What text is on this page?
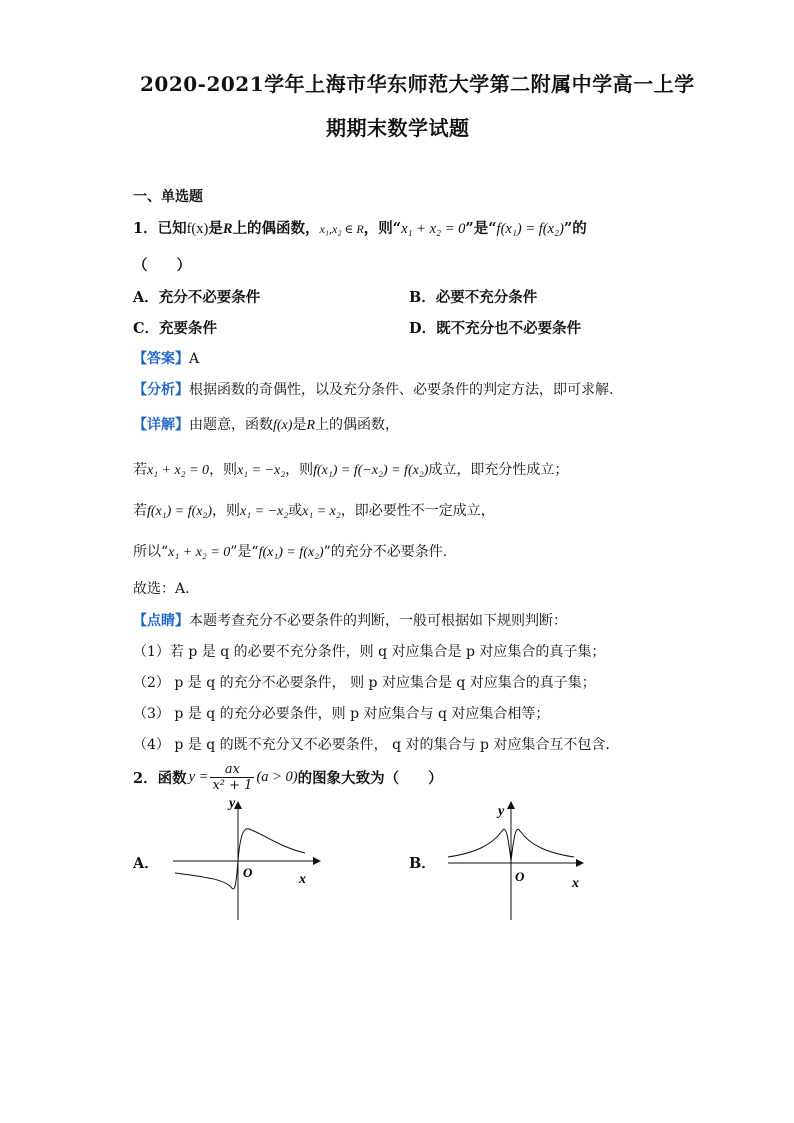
2020-2021学年上海市华东师范大学第二附属中学高一上学
期期末数学试题
一、单选题
1．已知f(x)是R上的偶函数，x₁,x₂ ∈ R，则“x₁ + x₂ = 0”是“f(x₁) = f(x₂)”的
（　　）
A．充分不必要条件	B．必要不充分条件
C．充要条件	D．既不充分也不必要条件
【答案】A
【分析】根据函数的奇偶性，以及充分条件、必要条件的判定方法，即可求解.
【详解】由题意，函数f(x)是R上的偶函数，
若x₁ + x₂ = 0，则x₁ = −x₂，则f(x₁) = f(−x₂) = f(x₂)成立，即充分性成立；
若f(x₁) = f(x₂)，则x₁ = −x₂或x₁ = x₂，即必要性不一定成立，
所以“x₁ + x₂ = 0”是“f(x₁) = f(x₂)”的充分不必要条件.
故选：A.
【点睛】本题考查充分不必要条件的判断，一般可根据如下规则判断：
（1）若 p 是 q 的必要不充分条件，则 q 对应集合是 p 对应集合的真子集；
（2） p 是 q 的充分不必要条件， 则 p 对应集合是 q 对应集合的真子集；
（3） p 是 q 的充分必要条件，则 p 对应集合与 q 对应集合相等；
（4） p 是 q 的既不充分又不必要条件， q 对的集合与 p 对应集合互不包含.
2． 函数 $y = \frac{ax}{\text{x² + 1}} (a > 0)$ 的图象大致为（　　）
A．
y
x
O
B．
y
x
O
